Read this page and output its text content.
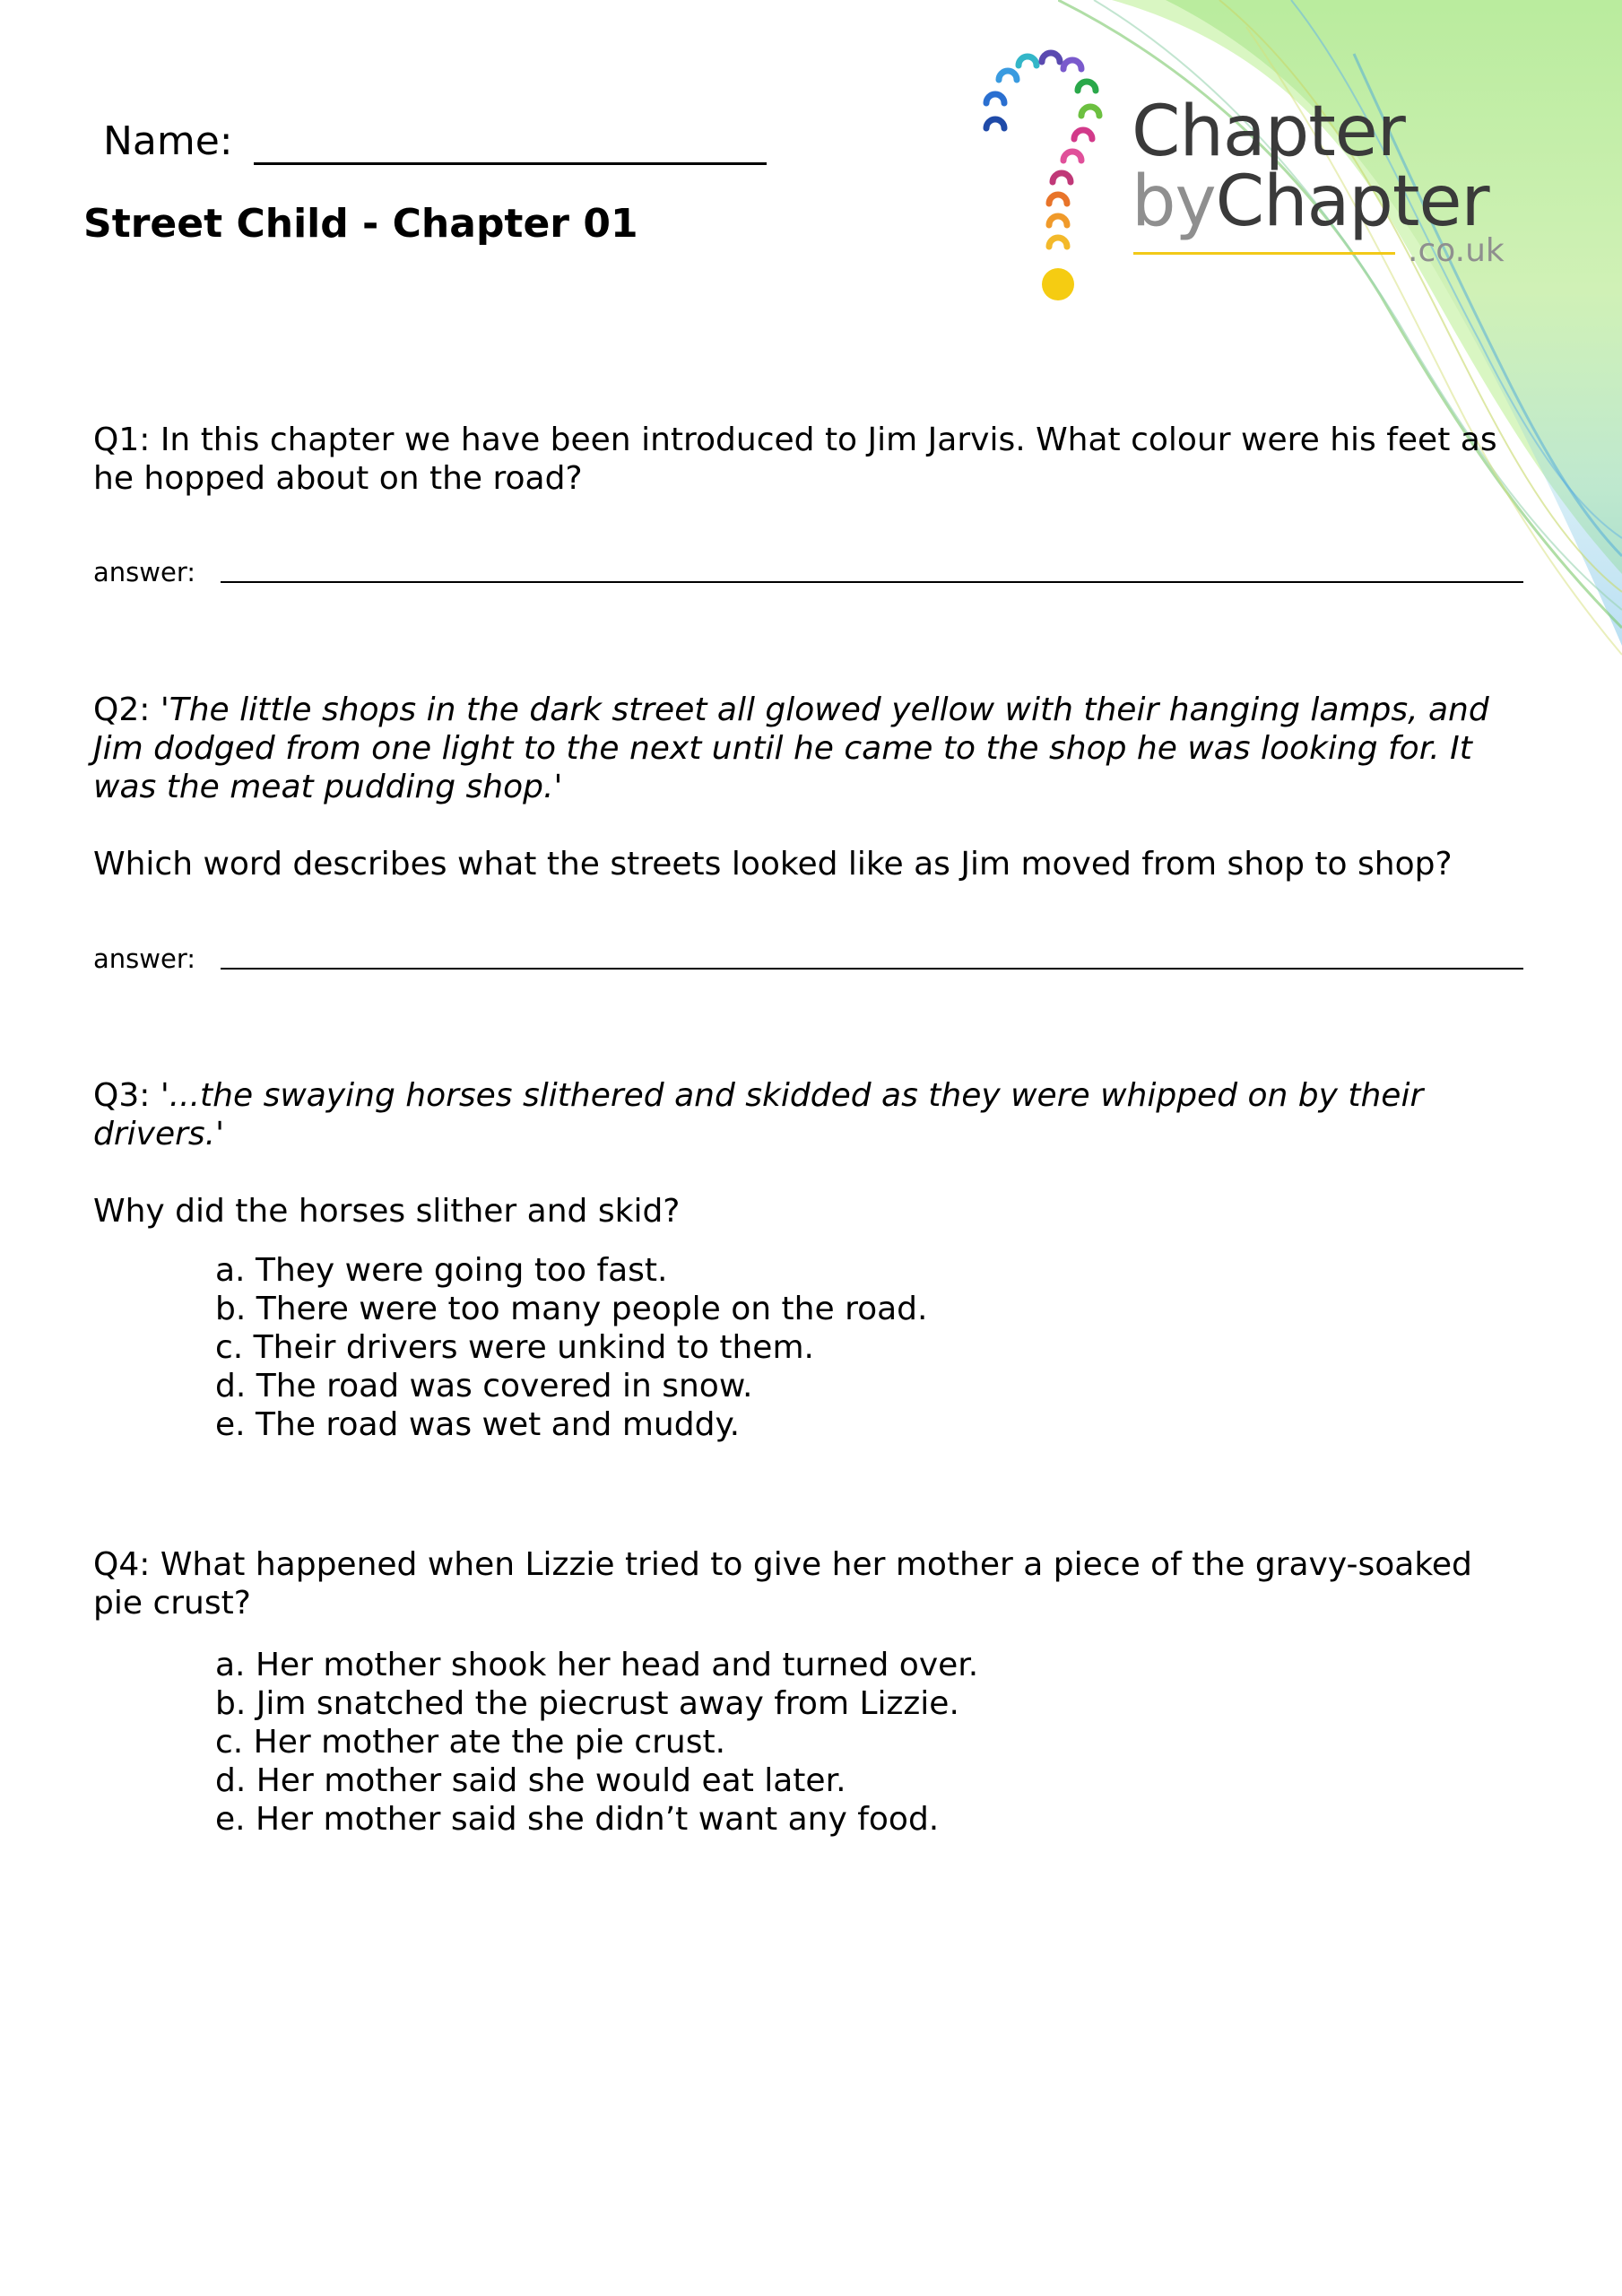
Chapter
byChapter
.co.uk
Name:
Street Child - Chapter 01
Q1: In this chapter we have been introduced to Jim Jarvis. What colour were his feet as he hopped about on the road?
answer:
Q2: 'The little shops in the dark street all glowed yellow with their hanging lamps, and Jim dodged from one light to the next until he came to the shop he was looking for. It was the meat pudding shop.'
Which word describes what the streets looked like as Jim moved from shop to shop?
answer:
Q3: '...the swaying horses slithered and skidded as they were whipped on by their drivers.'
Why did the horses slither and skid?
a. They were going too fast.
b. There were too many people on the road.
c. Their drivers were unkind to them.
d. The road was covered in snow.
e. The road was wet and muddy.
Q4: What happened when Lizzie tried to give her mother a piece of the gravy-soaked pie crust?
a. Her mother shook her head and turned over.
b. Jim snatched the piecrust away from Lizzie.
c. Her mother ate the pie crust.
d. Her mother said she would eat later.
e. Her mother said she didn’t want any food.
